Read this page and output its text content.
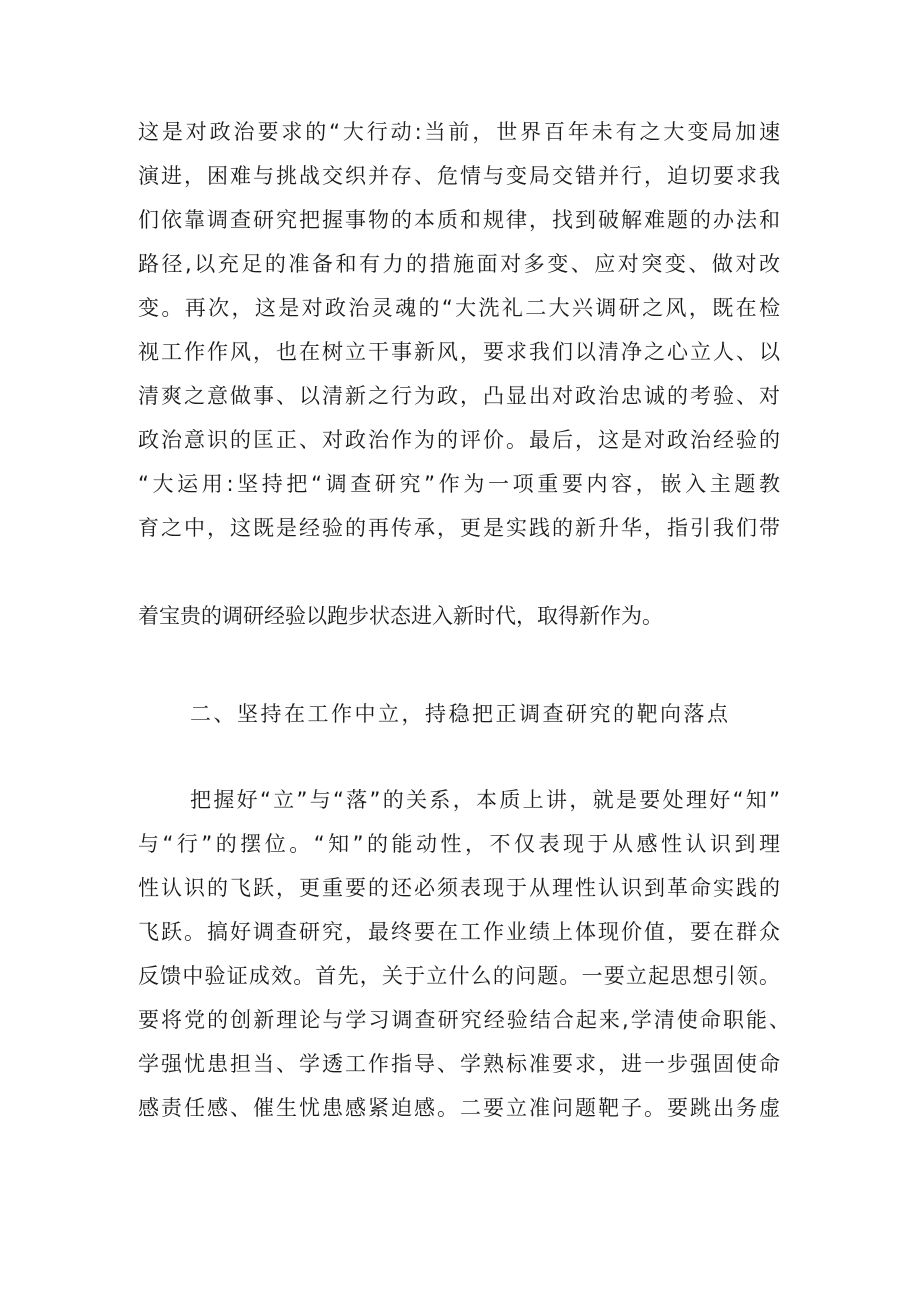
这是对政治要求的“大行动:当前，世界百年未有之大变局加速
演进，困难与挑战交织并存、危情与变局交错并行，迫切要求我
们依靠调查研究把握事物的本质和规律，找到破解难题的办法和
路径,以充足的准备和有力的措施面对多变、应对突变、做对改
变。再次，这是对政治灵魂的“大洗礼二大兴调研之风，既在检
视工作作风，也在树立干事新风，要求我们以清净之心立人、以
清爽之意做事、以清新之行为政，凸显出对政治忠诚的考验、对
政治意识的匡正、对政治作为的评价。最后，这是对政治经验的
“大运用:坚持把“调查研究”作为一项重要内容，嵌入主题教
育之中，这既是经验的再传承，更是实践的新升华，指引我们带
着宝贵的调研经验以跑步状态进入新时代，取得新作为。
二、坚持在工作中立，持稳把正调查研究的靶向落点
把握好“立”与“落”的关系，本质上讲，就是要处理好“知”
与“行”的摆位。“知”的能动性，不仅表现于从感性认识到理
性认识的飞跃，更重要的还必须表现于从理性认识到革命实践的
飞跃。搞好调查研究，最终要在工作业绩上体现价值，要在群众
反馈中验证成效。首先，关于立什么的问题。一要立起思想引领。
要将党的创新理论与学习调查研究经验结合起来,学清使命职能、
学强忧患担当、学透工作指导、学熟标准要求，进一步强固使命
感责任感、催生忧患感紧迫感。二要立准问题靶子。要跳出务虚
